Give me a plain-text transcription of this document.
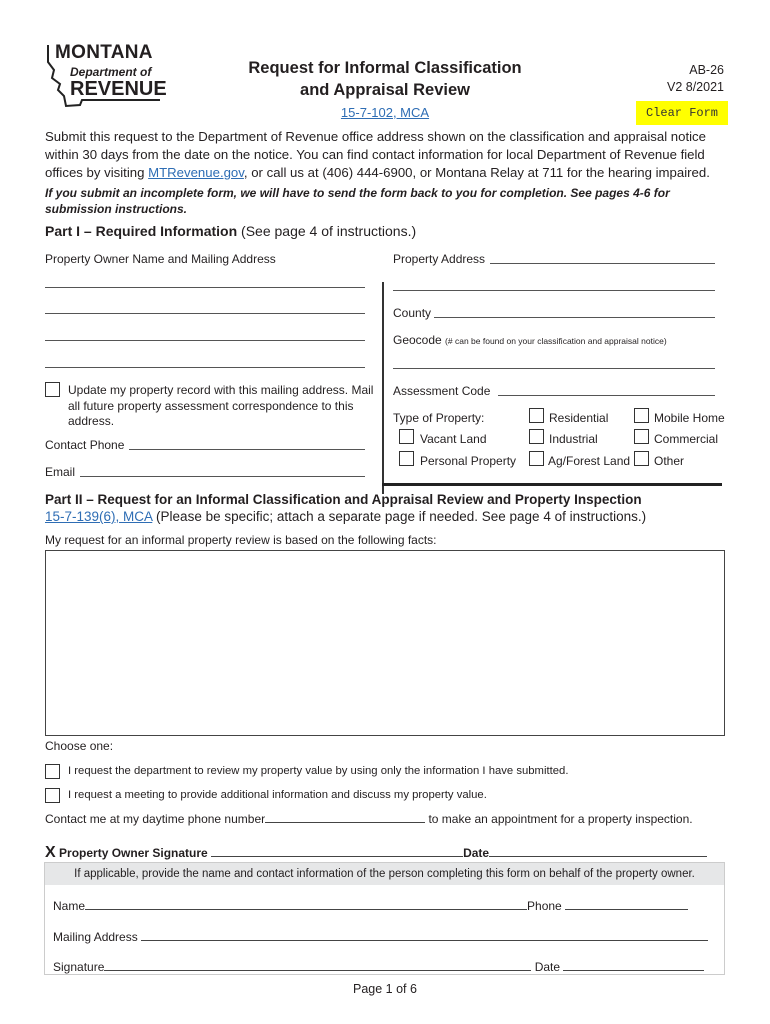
MONTANA
Department of
REVENUE
Request for Informal Classification
and Appraisal Review
15-7-102, MCA
AB-26
V2 8/2021
Clear Form
Submit this request to the Department of Revenue office address shown on the classification and appraisal notice within 30 days from the date on the notice. You can find contact information for local Department of Revenue field offices by visiting MTRevenue.gov, or call us at (406) 444-6900, or Montana Relay at 711 for the hearing impaired.
If you submit an incomplete form, we will have to send the form back to you for completion. See pages 4-6 for submission instructions.
Part I – Required Information (See page 4 of instructions.)
Property Owner Name and Mailing Address
Update my property record with this mailing address. Mail all future property assessment correspondence to this address.
Contact Phone
Email
Property Address
County
Geocode (# can be found on your classification and appraisal notice)
Assessment Code
Type of Property:	Residential	Mobile Home
Vacant Land	Industrial	Commercial
Personal Property	Ag/Forest Land Other
Part II – Request for an Informal Classification and Appraisal Review and Property Inspection
15-7-139(6), MCA (Please be specific; attach a separate page if needed. See page 4 of instructions.)
My request for an informal property review is based on the following facts:
Choose one:
I request the department to review my property value by using only the information I have submitted.
I request a meeting to provide additional information and discuss my property value.
Contact me at my daytime phone number	to make an appointment for a property inspection.
X Property Owner Signature	Date
If applicable, provide the name and contact information of the person completing this form on behalf of the property owner.
Name	Phone
Mailing Address
Signature	Date
Page 1 of 6
